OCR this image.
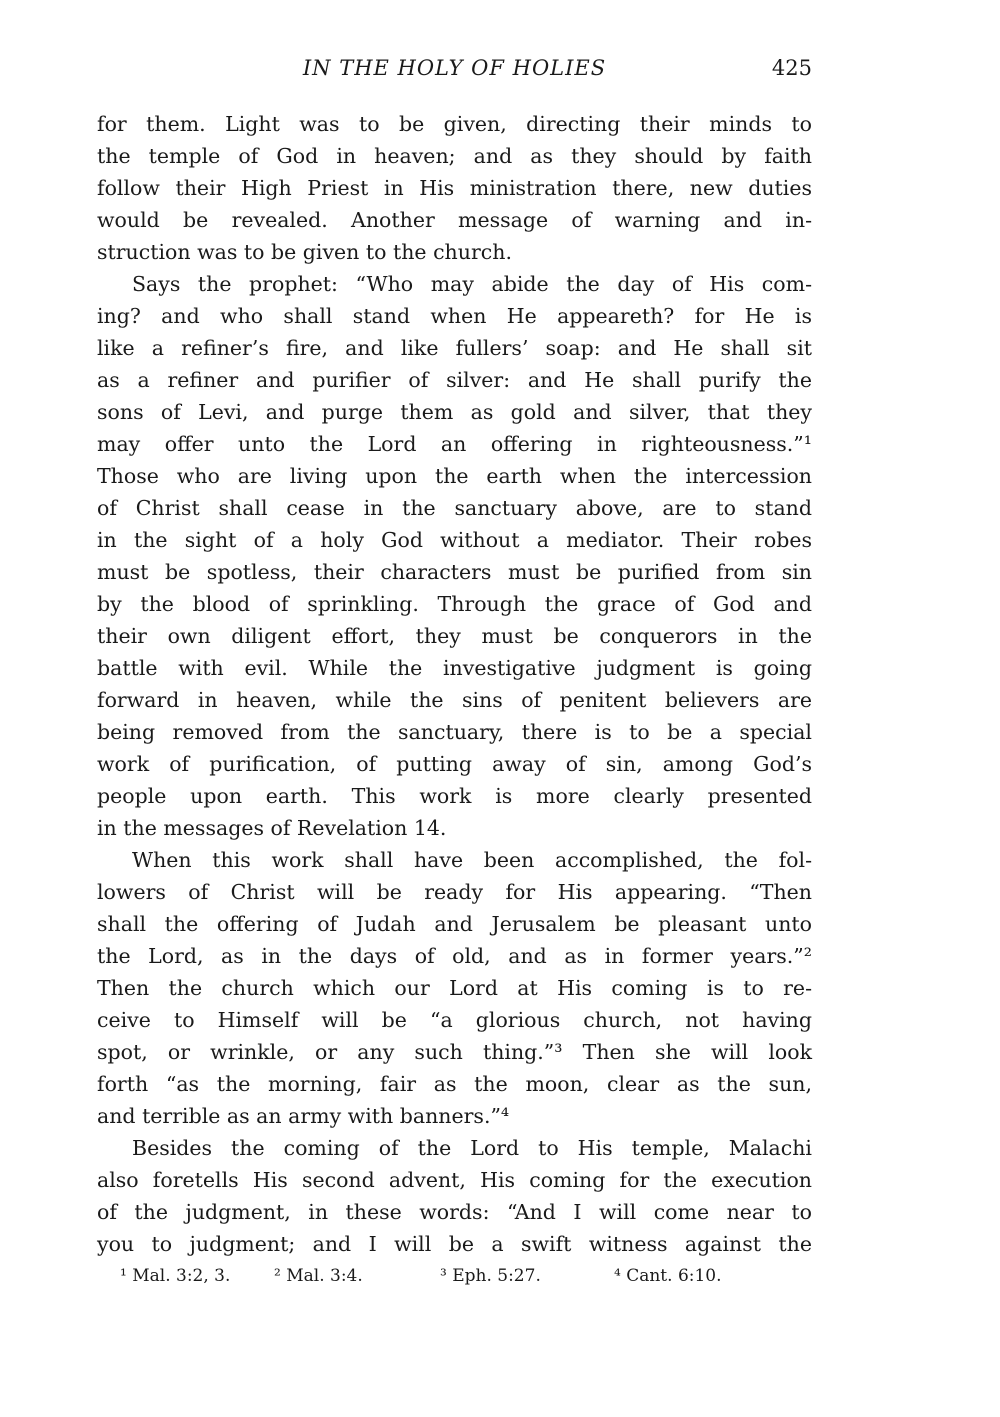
IN THE HOLY OF HOLIES	425
for them. Light was to be given, directing their minds to
the temple of God in heaven; and as they should by faith
follow their High Priest in His ministration there, new duties
would be revealed. Another message of warning and in-
struction was to be given to the church.
Says the prophet: “Who may abide the day of His com-
ing? and who shall stand when He appeareth? for He is
like a refiner’s fire, and like fullers’ soap: and He shall sit
as a refiner and purifier of silver: and He shall purify the
sons of Levi, and purge them as gold and silver, that they
may offer unto the Lord an offering in righteousness.”¹
Those who are living upon the earth when the intercession
of Christ shall cease in the sanctuary above, are to stand
in the sight of a holy God without a mediator. Their robes
must be spotless, their characters must be purified from sin
by the blood of sprinkling. Through the grace of God and
their own diligent effort, they must be conquerors in the
battle with evil. While the investigative judgment is going
forward in heaven, while the sins of penitent believers are
being removed from the sanctuary, there is to be a special
work of purification, of putting away of sin, among God’s
people upon earth. This work is more clearly presented
in the messages of Revelation 14.
When this work shall have been accomplished, the fol-
lowers of Christ will be ready for His appearing. “Then
shall the offering of Judah and Jerusalem be pleasant unto
the Lord, as in the days of old, and as in former years.”²
Then the church which our Lord at His coming is to re-
ceive to Himself will be “a glorious church, not having
spot, or wrinkle, or any such thing.”³ Then she will look
forth “as the morning, fair as the moon, clear as the sun,
and terrible as an army with banners.”⁴
Besides the coming of the Lord to His temple, Malachi
also foretells His second advent, His coming for the execution
of the judgment, in these words: “And I will come near to
you to judgment; and I will be a swift witness against the
¹ Mal. 3:2, 3.	² Mal. 3:4.	³ Eph. 5:27.	⁴ Cant. 6:10.
